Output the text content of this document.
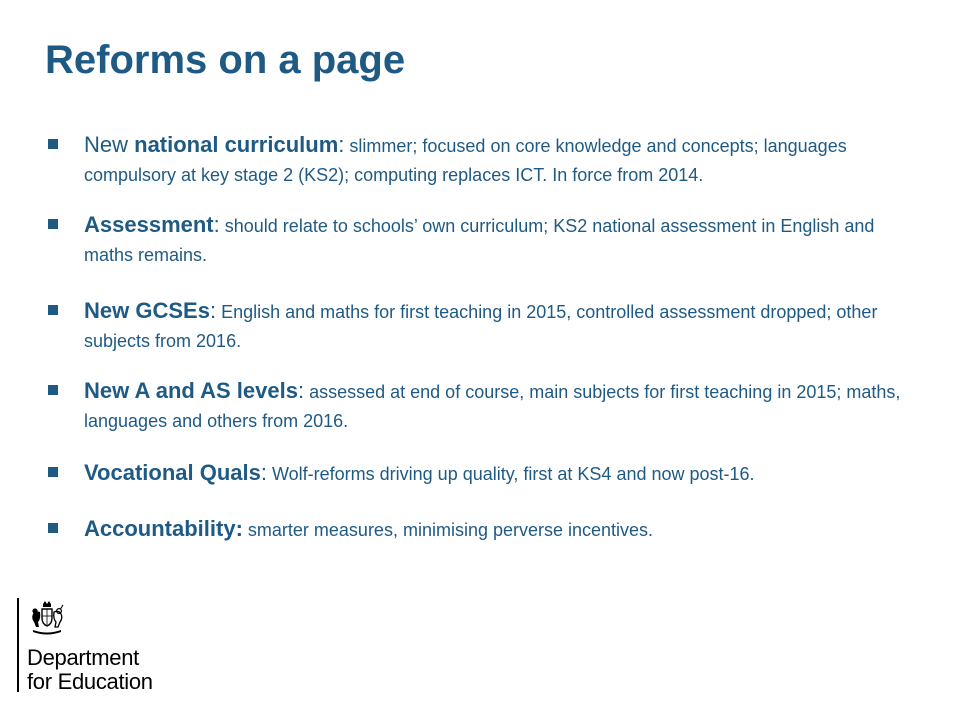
Reforms on a page
New national curriculum: slimmer; focused on core knowledge and concepts; languages compulsory at key stage 2 (KS2); computing replaces ICT. In force from 2014.
Assessment: should relate to schools’ own curriculum; KS2 national assessment in English and maths remains.
New GCSEs: English and maths for first teaching in 2015, controlled assessment dropped; other subjects from 2016.
New A and AS levels: assessed at end of course, main subjects for first teaching in 2015; maths, languages and others from 2016.
Vocational Quals: Wolf-reforms driving up quality, first at KS4 and now post-16.
Accountability: smarter measures, minimising perverse incentives.

Department
for Education
